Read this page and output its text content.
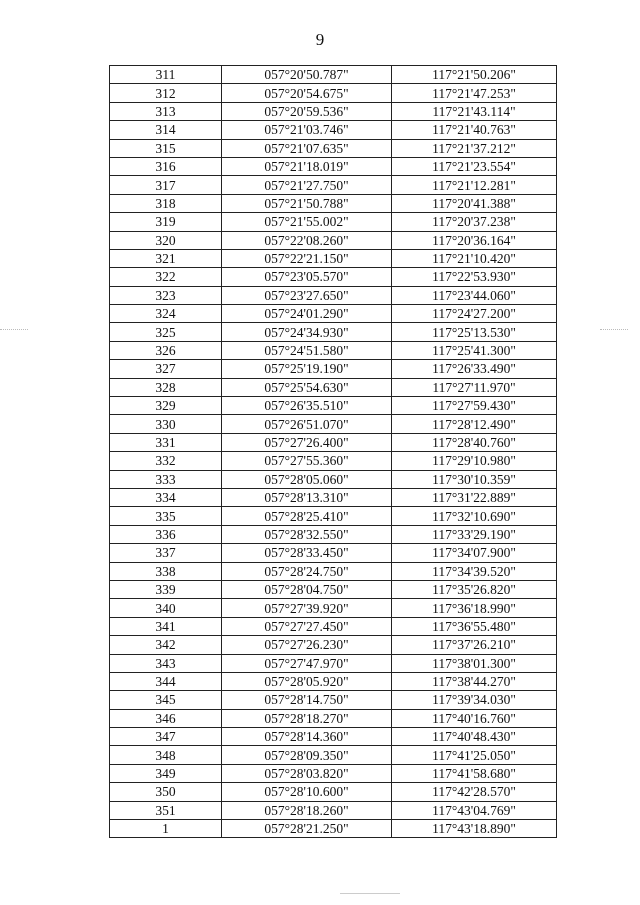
9
311	057°20'50.787"	117°21'50.206"
312	057°20'54.675"	117°21'47.253"
313	057°20'59.536"	117°21'43.114"
314	057°21'03.746"	117°21'40.763"
315	057°21'07.635"	117°21'37.212"
316	057°21'18.019"	117°21'23.554"
317	057°21'27.750"	117°21'12.281"
318	057°21'50.788"	117°20'41.388"
319	057°21'55.002"	117°20'37.238"
320	057°22'08.260"	117°20'36.164"
321	057°22'21.150"	117°21'10.420"
322	057°23'05.570"	117°22'53.930"
323	057°23'27.650"	117°23'44.060"
324	057°24'01.290"	117°24'27.200"
325	057°24'34.930"	117°25'13.530"
326	057°24'51.580"	117°25'41.300"
327	057°25'19.190"	117°26'33.490"
328	057°25'54.630"	117°27'11.970"
329	057°26'35.510"	117°27'59.430"
330	057°26'51.070"	117°28'12.490"
331	057°27'26.400"	117°28'40.760"
332	057°27'55.360"	117°29'10.980"
333	057°28'05.060"	117°30'10.359"
334	057°28'13.310"	117°31'22.889"
335	057°28'25.410"	117°32'10.690"
336	057°28'32.550"	117°33'29.190"
337	057°28'33.450"	117°34'07.900"
338	057°28'24.750"	117°34'39.520"
339	057°28'04.750"	117°35'26.820"
340	057°27'39.920"	117°36'18.990"
341	057°27'27.450"	117°36'55.480"
342	057°27'26.230"	117°37'26.210"
343	057°27'47.970"	117°38'01.300"
344	057°28'05.920"	117°38'44.270"
345	057°28'14.750"	117°39'34.030"
346	057°28'18.270"	117°40'16.760"
347	057°28'14.360"	117°40'48.430"
348	057°28'09.350"	117°41'25.050"
349	057°28'03.820"	117°41'58.680"
350	057°28'10.600"	117°42'28.570"
351	057°28'18.260"	117°43'04.769"
1	057°28'21.250"	117°43'18.890"
